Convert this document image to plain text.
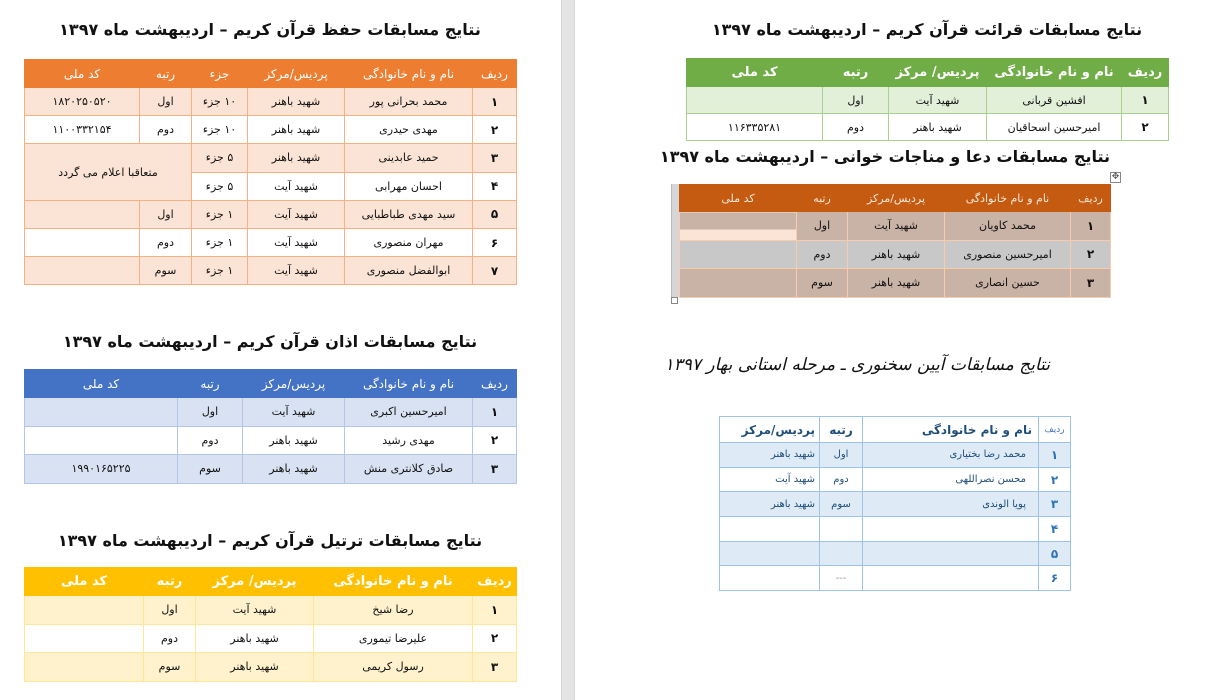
نتایج مسابقات حفظ قرآن کریم – اردیبهشت ماه ۱۳۹۷
ردیف	نام و نام خانوادگی	پردیس/مرکز	جزء	رتبه	کد ملی
۱	محمد بحرانی پور	شهید باهنر	۱۰ جزء	اول	۱۸۲۰۲۵۰۵۲۰
۲	مهدی حیدری	شهید باهنر	۱۰ جزء	دوم	۱۱۰۰۳۳۲۱۵۴
۳	حمید عابدینی	شهید باهنر	۵ جزء	متعاقبا اعلام می گردد	
۴	احسان مهرابی	شهید آیت	۵ جزء		
۵	سید مهدی طباطبایی	شهید آیت	۱ جزء	اول	
۶	مهران منصوری	شهید آیت	۱ جزء	دوم	
۷	ابوالفضل منصوری	شهید آیت	۱ جزء	سوم	
نتایج مسابقات اذان قرآن کریم – اردیبهشت ماه ۱۳۹۷
ردیف	نام و نام خانوادگی	پردیس/مرکز	رتبه	کد ملی
۱	امیرحسین اکبری	شهید آیت	اول	
۲	مهدی رشید	شهید باهنر	دوم	
۳	صادق کلانتری منش	شهید باهنر	سوم	۱۹۹۰۱۶۵۲۲۵
نتایج مسابقات ترتیل قرآن کریم – اردیبهشت ماه ۱۳۹۷
ردیف	نام و نام خانوادگی	پردیس/ مرکز	رتبه	کد ملی
۱	رضا شیخ	شهید آیت	اول	
۲	علیرضا تیموری	شهید باهنر	دوم	
۳	رسول کریمی	شهید باهنر	سوم	
نتایج مسابقات قرائت قرآن کریم – اردیبهشت ماه ۱۳۹۷
ردیف	نام و نام خانوادگی	پردیس/ مرکز	رتبه	کد ملی
۱	افشین قربانی	شهید آیت	اول	
۲	امیرحسین اسحاقیان	شهید باهنر	دوم	۱۱۶۳۳۵۲۸۱
نتایج مسابقات دعا و مناجات خوانی – اردیبهشت ماه ۱۳۹۷
✥
ردیف	نام و نام خانوادگی	پردیس/مرکز	رتبه	کد ملی
۱	محمد کاویان	شهید آیت	اول	
۲	امیرحسین منصوری	شهید باهنر	دوم	
۳	حسین انصاری	شهید باهنر	سوم	
نتایج مسابقات آیین سخنوری ـ مرحله استانی بهار ۱۳۹۷
ردیف	نام و نام خانوادگی	رتبه	پردیس/مرکز
۱	محمد رضا بختیاری	اول	شهید باهنر
۲	محسن نصراللهی	دوم	شهید آیت
۳	پویا الوندی	سوم	شهید باهنر
۴			
۵			
۶		---	
